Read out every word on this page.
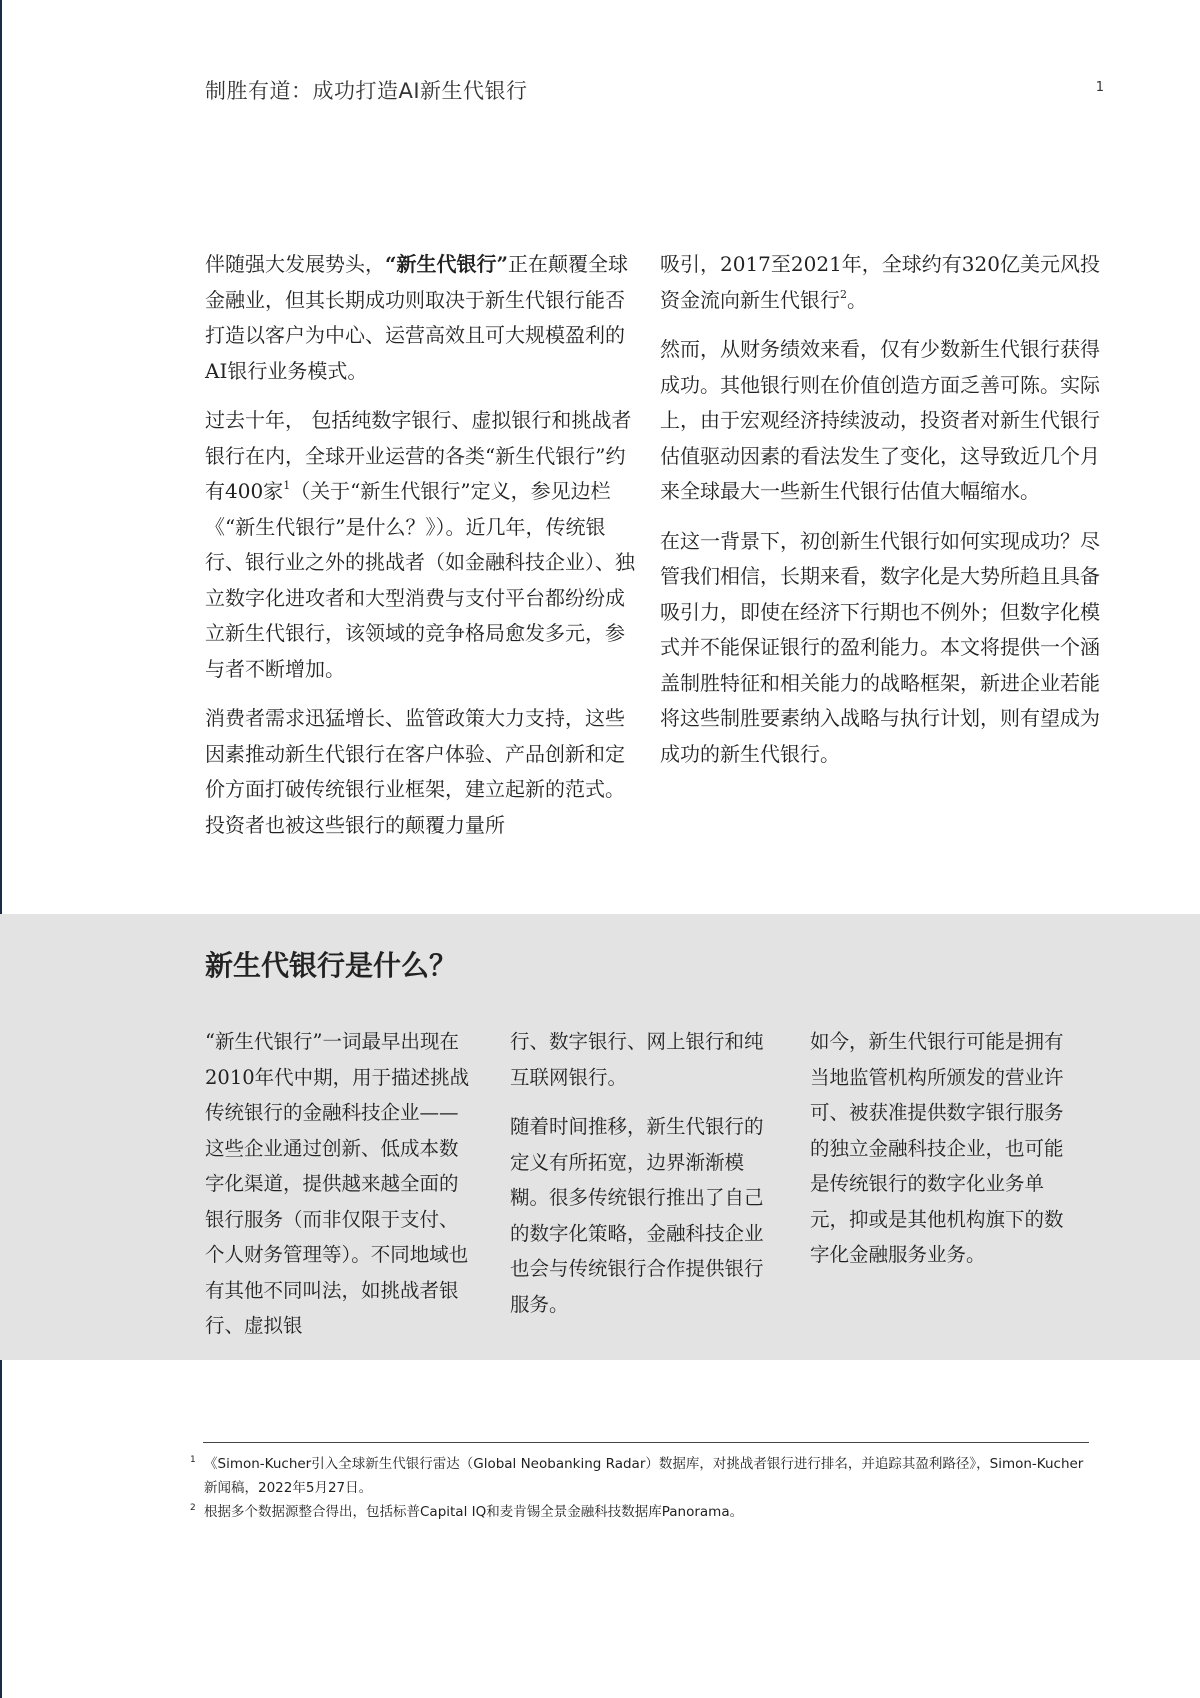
制胜有道：成功打造AI新生代银行	1

伴随强大发展势头，“新生代银行”正在颠覆全球金融业，但其长期成功则取决于新生代银行能否打造以客户为中心、运营高效且可大规模盈利的AI银行业务模式。

过去十年， 包括纯数字银行、虚拟银行和挑战者银行在内，全球开业运营的各类“新生代银行”约有400家$^1$（关于“新生代银行”定义，参见边栏《“新生代银行”是什么？》）。近几年，传统银行、银行业之外的挑战者（如金融科技企业）、独立数字化进攻者和大型消费与支付平台都纷纷成立新生代银行，该领域的竞争格局愈发多元，参与者不断增加。

消费者需求迅猛增长、监管政策大力支持，这些因素推动新生代银行在客户体验、产品创新和定价方面打破传统银行业框架，建立起新的范式。投资者也被这些银行的颠覆力量所

吸引，2017至2021年，全球约有320亿美元风投资金流向新生代银行$^2$。

然而，从财务绩效来看，仅有少数新生代银行获得成功。其他银行则在价值创造方面乏善可陈。实际上，由于宏观经济持续波动，投资者对新生代银行估值驱动因素的看法发生了变化，这导致近几个月来全球最大一些新生代银行估值大幅缩水。

在这一背景下，初创新生代银行如何实现成功？尽管我们相信，长期来看，数字化是大势所趋且具备吸引力，即使在经济下行期也不例外；但数字化模式并不能保证银行的盈利能力。本文将提供一个涵盖制胜特征和相关能力的战略框架，新进企业若能将这些制胜要素纳入战略与执行计划，则有望成为成功的新生代银行。

新生代银行是什么？

“新生代银行”一词最早出现在2010年代中期，用于描述挑战传统银行的金融科技企业——这些企业通过创新、低成本数字化渠道，提供越来越全面的银行服务（而非仅限于支付、个人财务管理等）。不同地域也有其他不同叫法，如挑战者银行、虚拟银

行、数字银行、网上银行和纯互联网银行。

随着时间推移，新生代银行的定义有所拓宽，边界渐渐模糊。很多传统银行推出了自己的数字化策略，金融科技企业也会与传统银行合作提供银行服务。

如今，新生代银行可能是拥有当地监管机构所颁发的营业许可、被获准提供数字银行服务的独立金融科技企业，也可能是传统银行的数字化业务单元，抑或是其他机构旗下的数字化金融服务业务。

1 《Simon-Kucher引入全球新生代银行雷达（Global Neobanking Radar）数据库，对挑战者银行进行排名，并追踪其盈利路径》，Simon-Kucher新闻稿，2022年5月27日。

2 根据多个数据源整合得出，包括标普Capital IQ和麦肯锡全景金融科技数据库Panorama。
